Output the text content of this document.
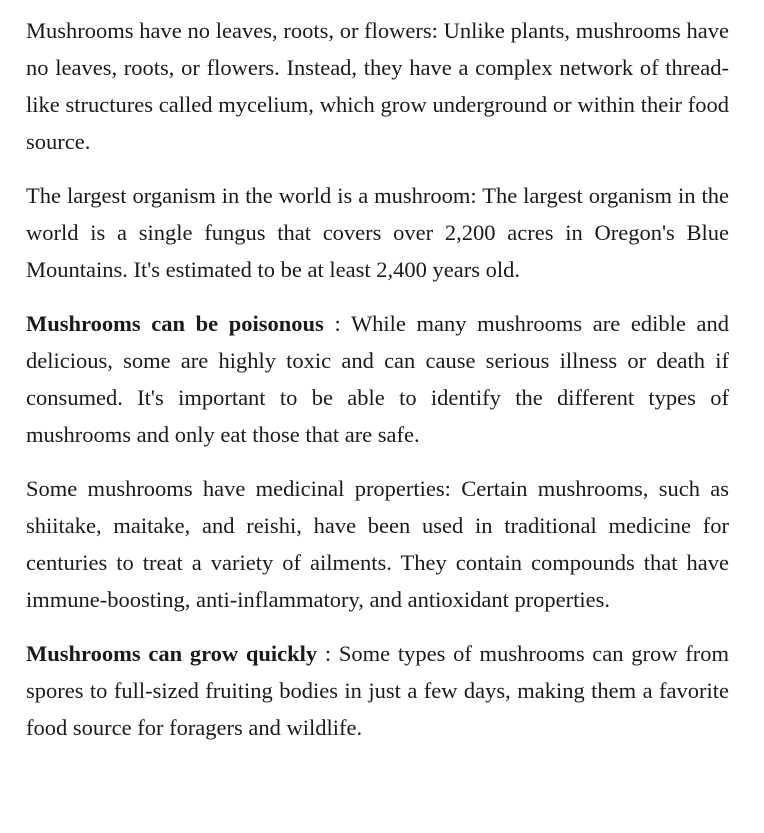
Mushrooms have no leaves, roots, or flowers: Unlike plants, mushrooms have no leaves, roots, or flowers. Instead, they have a complex network of thread-like structures called mycelium, which grow underground or within their food source.

The largest organism in the world is a mushroom: The largest organism in the world is a single fungus that covers over 2,200 acres in Oregon's Blue Mountains. It's estimated to be at least 2,400 years old.

Mushrooms can be poisonous : While many mushrooms are edible and delicious, some are highly toxic and can cause serious illness or death if consumed. It's important to be able to identify the different types of mushrooms and only eat those that are safe.

Some mushrooms have medicinal properties: Certain mushrooms, such as shiitake, maitake, and reishi, have been used in traditional medicine for centuries to treat a variety of ailments. They contain compounds that have immune-boosting, anti-inflammatory, and antioxidant properties.

Mushrooms can grow quickly : Some types of mushrooms can grow from spores to full-sized fruiting bodies in just a few days, making them a favorite food source for foragers and wildlife.
